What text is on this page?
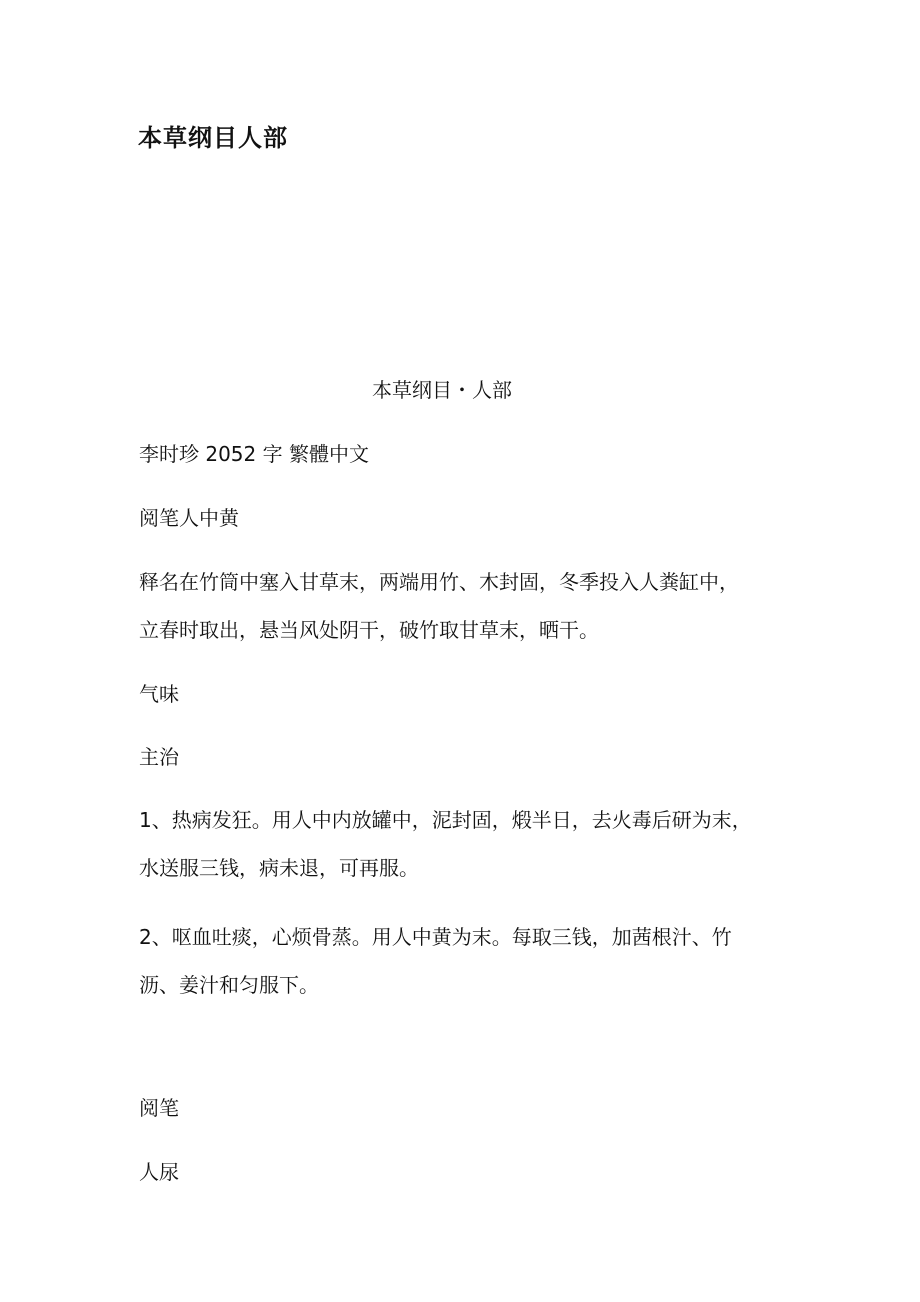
本草纲目人部
本草纲目・人部
李时珍 2052 字 繁體中文
阅笔人中黄
释名在竹筒中塞入甘草末，两端用竹、木封固，冬季投入人粪缸中，
立春时取出，悬当风处阴干，破竹取甘草末，晒干。
气味
主治
1、热病发狂。用人中内放罐中，泥封固，煅半日，去火毒后研为末，
水送服三钱，病未退，可再服。
2、呕血吐痰，心烦骨蒸。用人中黄为末。每取三钱，加茜根汁、竹
沥、姜汁和匀服下。
阅笔
人尿
